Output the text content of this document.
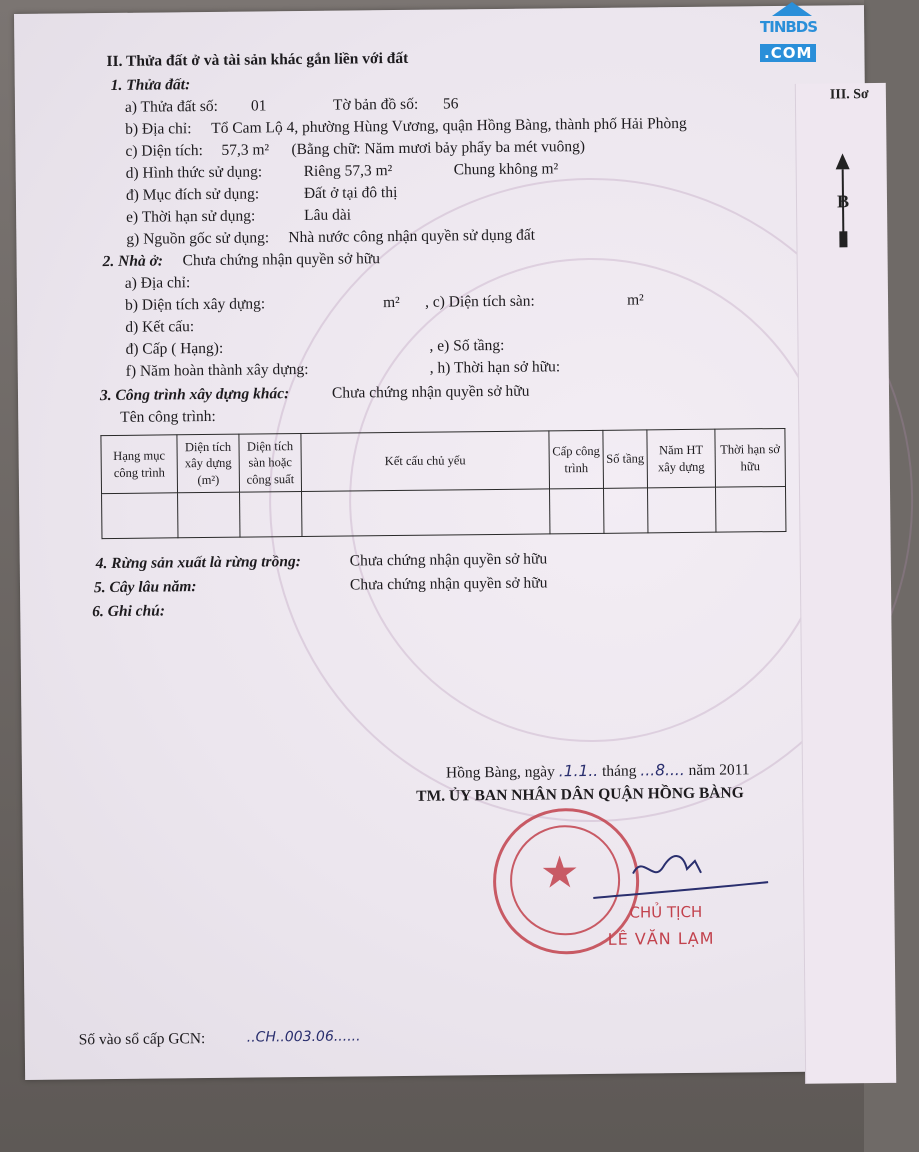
III. Sơ
B
II. Thửa đất ở và tài sản khác gắn liền với đất
1. Thửa đất:
a) Thửa đất số: 01	Tờ bản đồ số: 56
b) Địa chỉ: Tổ Cam Lộ 4, phường Hùng Vương, quận Hồng Bàng, thành phố Hải Phòng
c) Diện tích: 57,3 m² (Bằng chữ: Năm mươi bảy phẩy ba mét vuông)
d) Hình thức sử dụng:	Riêng 57,3 m²	Chung không m²
đ) Mục đích sử dụng:	Đất ở tại đô thị
e) Thời hạn sử dụng:	Lâu dài
g) Nguồn gốc sử dụng: Nhà nước công nhận quyền sử dụng đất
2. Nhà ở: Chưa chứng nhận quyền sở hữu
a) Địa chỉ:
b) Diện tích xây dựng:	m² , c) Diện tích sàn:	m²
d) Kết cấu:
đ) Cấp ( Hạng):	, e) Số tầng:
f) Năm hoàn thành xây dựng:	, h) Thời hạn sở hữu:
3. Công trình xây dựng khác:	Chưa chứng nhận quyền sở hữu
Tên công trình:
Hạng mục công trình	Diện tích xây dựng (m²)	Diện tích sàn hoặc công suất	Kết cấu chủ yếu	Cấp công trình	Số tầng	Năm HT xây dựng	Thời hạn sở hữu

4. Rừng sản xuất là rừng trồng:	Chưa chứng nhận quyền sở hữu
5. Cây lâu năm:	Chưa chứng nhận quyền sở hữu
6. Ghi chú:
Hồng Bàng, ngày .1.1.. tháng ...8.... năm 2011
TM. ỦY BAN NHÂN DÂN QUẬN HỒNG BÀNG
★
CHỦ TỊCH
LÊ VĂN LẠM
Số vào sổ cấp GCN:	..CH..003.06......
TINBDS
.COM
